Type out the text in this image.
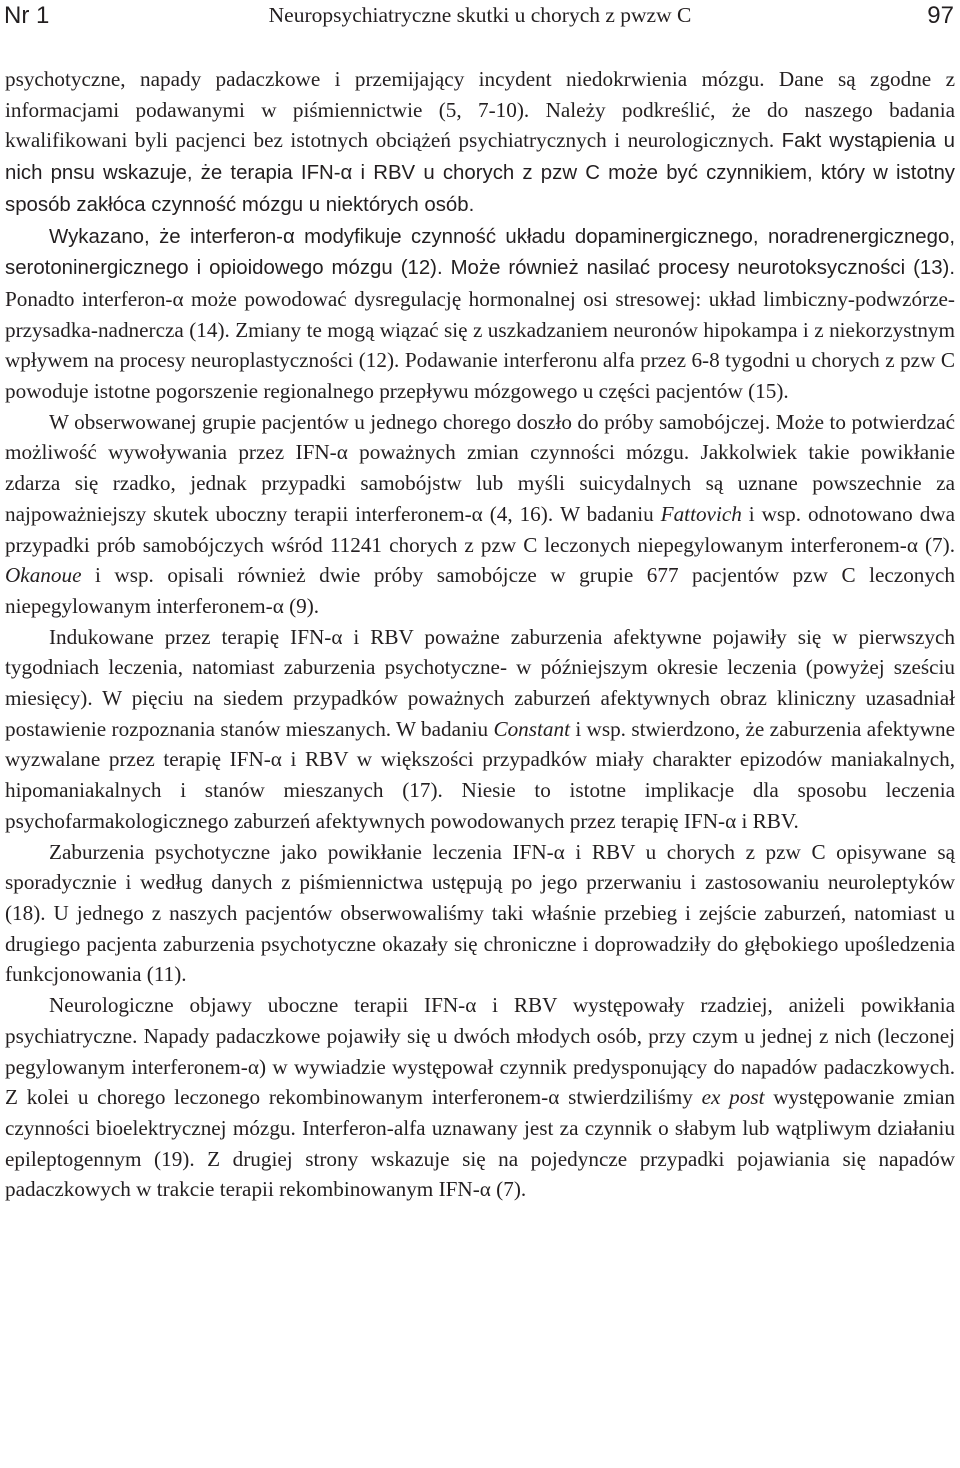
Nr 1	Neuropsychiatryczne skutki u chorych z pwzw C	97

psychotyczne, napady padaczkowe i przemijający incydent niedokrwienia mózgu. Dane są zgodne z informacjami podawanymi w piśmiennictwie (5, 7-10). Należy podkreślić, że do naszego badania kwalifikowani byli pacjenci bez istotnych obciążeń psychiatrycznych i neurologicznych. Fakt wystąpienia u nich pnsu wskazuje, że terapia IFN-α i RBV u chorych z pzw C może być czynnikiem, który w istotny sposób zakłóca czynność mózgu u niektórych osób.

Wykazano, że interferon-α modyfikuje czynność układu dopaminergicznego, noradrenergicznego, serotoninergicznego i opioidowego mózgu (12). Może również nasilać procesy neurotoksyczności (13). Ponadto interferon-α może powodować dysregulację hormonalnej osi stresowej: układ limbiczny-podwzórze-przysadka-nadnercza (14). Zmiany te mogą wiązać się z uszkadzaniem neuronów hipokampa i z niekorzystnym wpływem na procesy neuroplastyczności (12). Podawanie interferonu alfa przez 6-8 tygodni u chorych z pzw C powoduje istotne pogorszenie regionalnego przepływu mózgowego u części pacjentów (15).

W obserwowanej grupie pacjentów u jednego chorego doszło do próby samobójczej. Może to potwierdzać możliwość wywoływania przez IFN-α poważnych zmian czynności mózgu. Jakkolwiek takie powikłanie zdarza się rzadko, jednak przypadki samobójstw lub myśli suicydalnych są uznane powszechnie za najpoważniejszy skutek uboczny terapii interferonem-α (4, 16). W badaniu Fattovich i wsp. odnotowano dwa przypadki prób samobójczych wśród 11241 chorych z pzw C leczonych niepegylowanym interferonem-α (7). Okanoue i wsp. opisali również dwie próby samobójcze w grupie 677 pacjentów pzw C leczonych niepegylowanym interferonem-α (9).

Indukowane przez terapię IFN-α i RBV poważne zaburzenia afektywne pojawiły się w pierwszych tygodniach leczenia, natomiast zaburzenia psychotyczne- w późniejszym okresie leczenia (powyżej sześciu miesięcy). W pięciu na siedem przypadków poważnych zaburzeń afektywnych obraz kliniczny uzasadniał postawienie rozpoznania stanów mieszanych. W badaniu Constant i wsp. stwierdzono, że zaburzenia afektywne wyzwalane przez terapię IFN-α i RBV w większości przypadków miały charakter epizodów maniakalnych, hipomaniakalnych i stanów mieszanych (17). Niesie to istotne implikacje dla sposobu leczenia psychofarmakologicznego zaburzeń afektywnych powodowanych przez terapię IFN-α i RBV.

Zaburzenia psychotyczne jako powikłanie leczenia IFN-α i RBV u chorych z pzw C opisywane są sporadycznie i według danych z piśmiennictwa ustępują po jego przerwaniu i zastosowaniu neuroleptyków (18). U jednego z naszych pacjentów obserwowaliśmy taki właśnie przebieg i zejście zaburzeń, natomiast u drugiego pacjenta zaburzenia psychotyczne okazały się chroniczne i doprowadziły do głębokiego upośledzenia funkcjonowania (11).

Neurologiczne objawy uboczne terapii IFN-α i RBV występowały rzadziej, aniżeli powikłania psychiatryczne. Napady padaczkowe pojawiły się u dwóch młodych osób, przy czym u jednej z nich (leczonej pegylowanym interferonem-α) w wywiadzie występował czynnik predysponujący do napadów padaczkowych. Z kolei u chorego leczonego rekombinowanym interferonem-α stwierdziliśmy ex post występowanie zmian czynności bioelektrycznej mózgu. Interferon-alfa uznawany jest za czynnik o słabym lub wątpliwym działaniu epileptogennym (19). Z drugiej strony wskazuje się na pojedyncze przypadki pojawiania się napadów padaczkowych w trakcie terapii rekombinowanym IFN-α (7).
